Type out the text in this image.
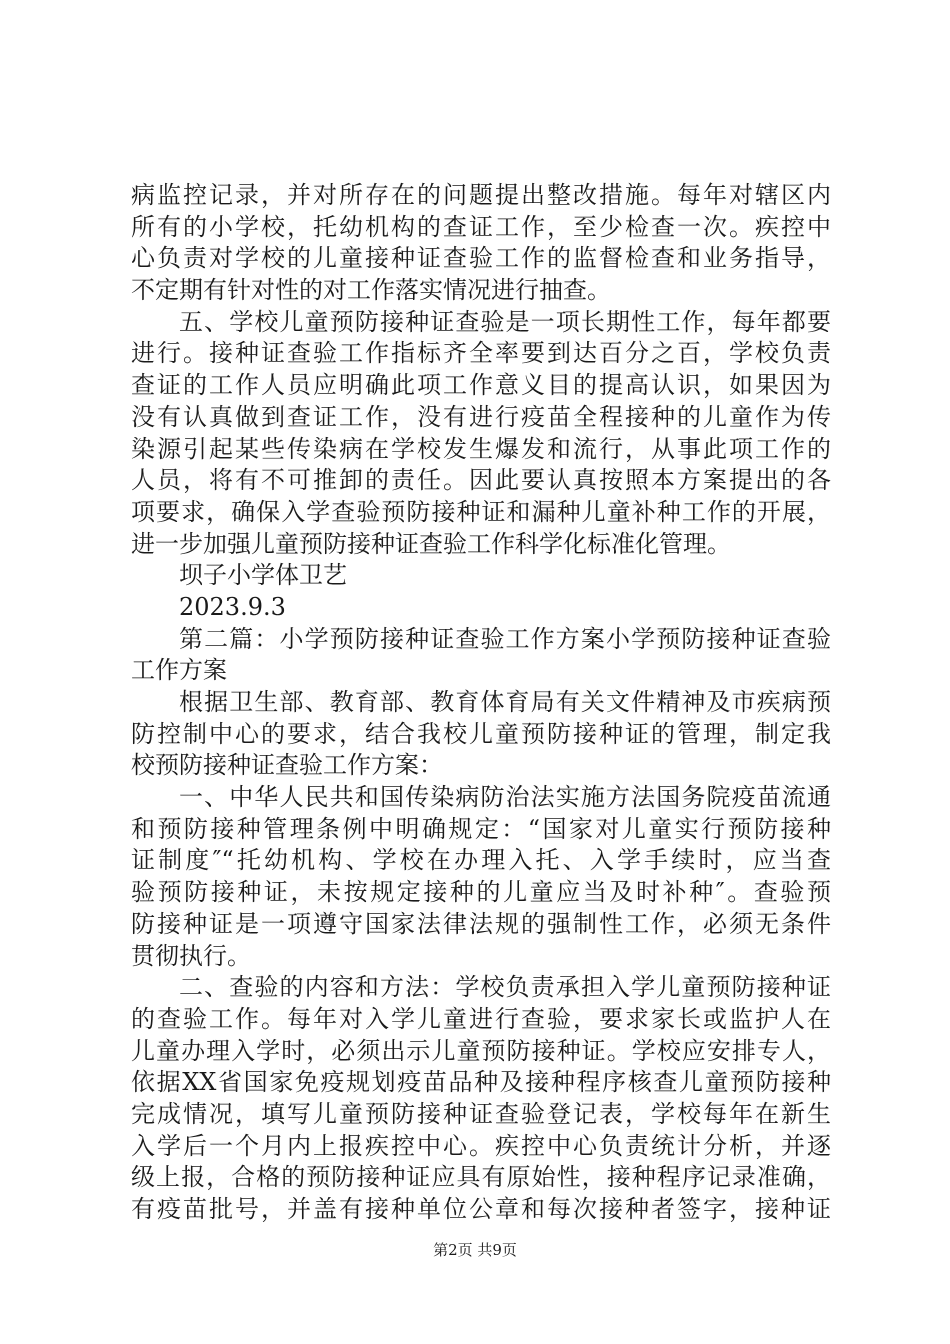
病监控记录，并对所存在的问题提出整改措施。每年对辖区内
所有的小学校，托幼机构的查证工作，至少检查一次。疾控中
心负责对学校的儿童接种证查验工作的监督检查和业务指导，
不定期有针对性的对工作落实情况进行抽查。
五、学校儿童预防接种证查验是一项长期性工作，每年都要
进行。接种证查验工作指标齐全率要到达百分之百，学校负责
查证的工作人员应明确此项工作意义目的提高认识，如果因为
没有认真做到查证工作，没有进行疫苗全程接种的儿童作为传
染源引起某些传染病在学校发生爆发和流行，从事此项工作的
人员，将有不可推卸的责任。因此要认真按照本方案提出的各
项要求，确保入学查验预防接种证和漏种儿童补种工作的开展，
进一步加强儿童预防接种证查验工作科学化标准化管理。
坝子小学体卫艺
2023.9.3
第二篇：小学预防接种证查验工作方案小学预防接种证查验
工作方案
根据卫生部、教育部、教育体育局有关文件精神及市疾病预
防控制中心的要求，结合我校儿童预防接种证的管理，制定我
校预防接种证查验工作方案：
一、中华人民共和国传染病防治法实施方法国务院疫苗流通
和预防接种管理条例中明确规定：“国家对儿童实行预防接种
证制度″“托幼机构、学校在办理入托、入学手续时，应当查
验预防接种证，未按规定接种的儿童应当及时补种″。查验预
防接种证是一项遵守国家法律法规的强制性工作，必须无条件
贯彻执行。
二、查验的内容和方法：学校负责承担入学儿童预防接种证
的查验工作。每年对入学儿童进行查验，要求家长或监护人在
儿童办理入学时，必须出示儿童预防接种证。学校应安排专人，
依据XX省国家免疫规划疫苗品种及接种程序核查儿童预防接种
完成情况，填写儿童预防接种证查验登记表，学校每年在新生
入学后一个月内上报疾控中心。疾控中心负责统计分析，并逐
级上报，合格的预防接种证应具有原始性，接种程序记录准确，
有疫苗批号，并盖有接种单位公章和每次接种者签字，接种证
第2页 共9页
